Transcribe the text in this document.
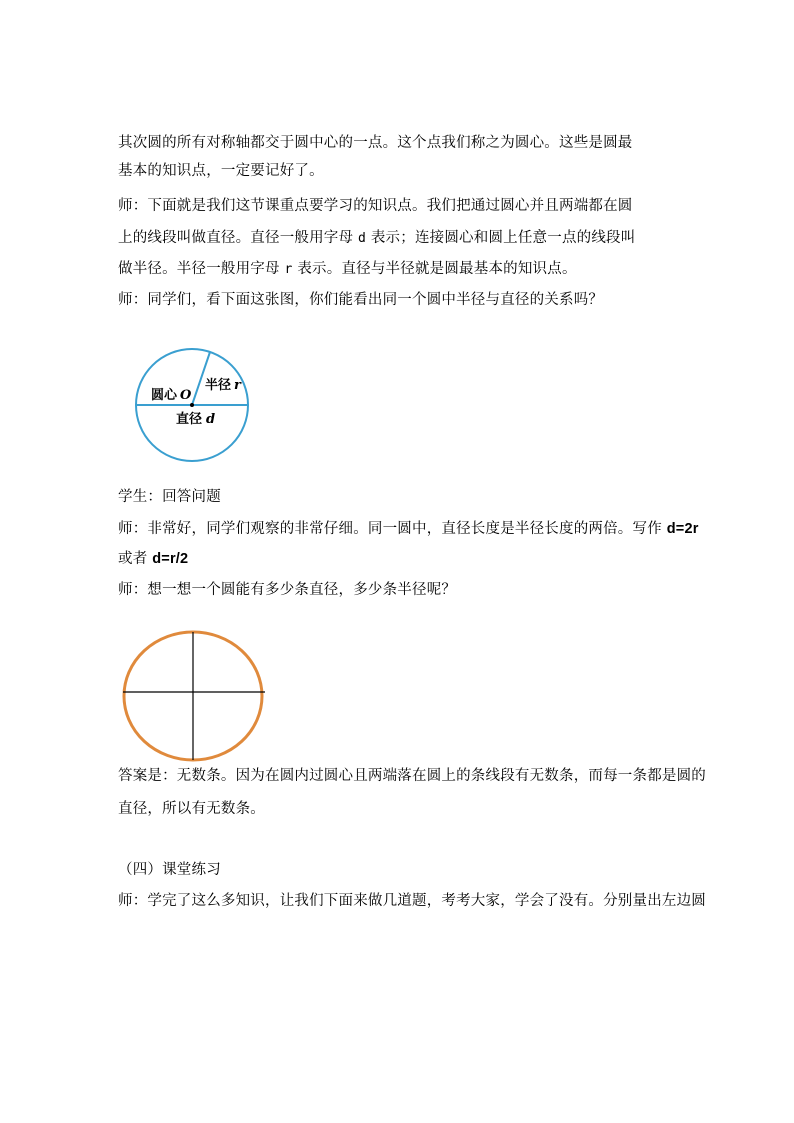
其次圆的所有对称轴都交于圆中心的一点。这个点我们称之为圆心。这些是圆最
基本的知识点，一定要记好了。
师：下面就是我们这节课重点要学习的知识点。我们把通过圆心并且两端都在圆
上的线段叫做直径。直径一般用字母 d 表示；连接圆心和圆上任意一点的线段叫
做半径。半径一般用字母 r 表示。直径与半径就是圆最基本的知识点。
师：同学们，看下面这张图，你们能看出同一个圆中半径与直径的关系吗？
圆心 O
半径 r
直径 d
学生：回答问题
师：非常好，同学们观察的非常仔细。同一圆中，直径长度是半径长度的两倍。写作 d=2r
或者 d=r/2
师：想一想一个圆能有多少条直径，多少条半径呢？
答案是：无数条。因为在圆内过圆心且两端落在圆上的条线段有无数条，而每一条都是圆的
直径，所以有无数条。
（四）课堂练习
师：学完了这么多知识，让我们下面来做几道题，考考大家，学会了没有。分别量出左边圆
